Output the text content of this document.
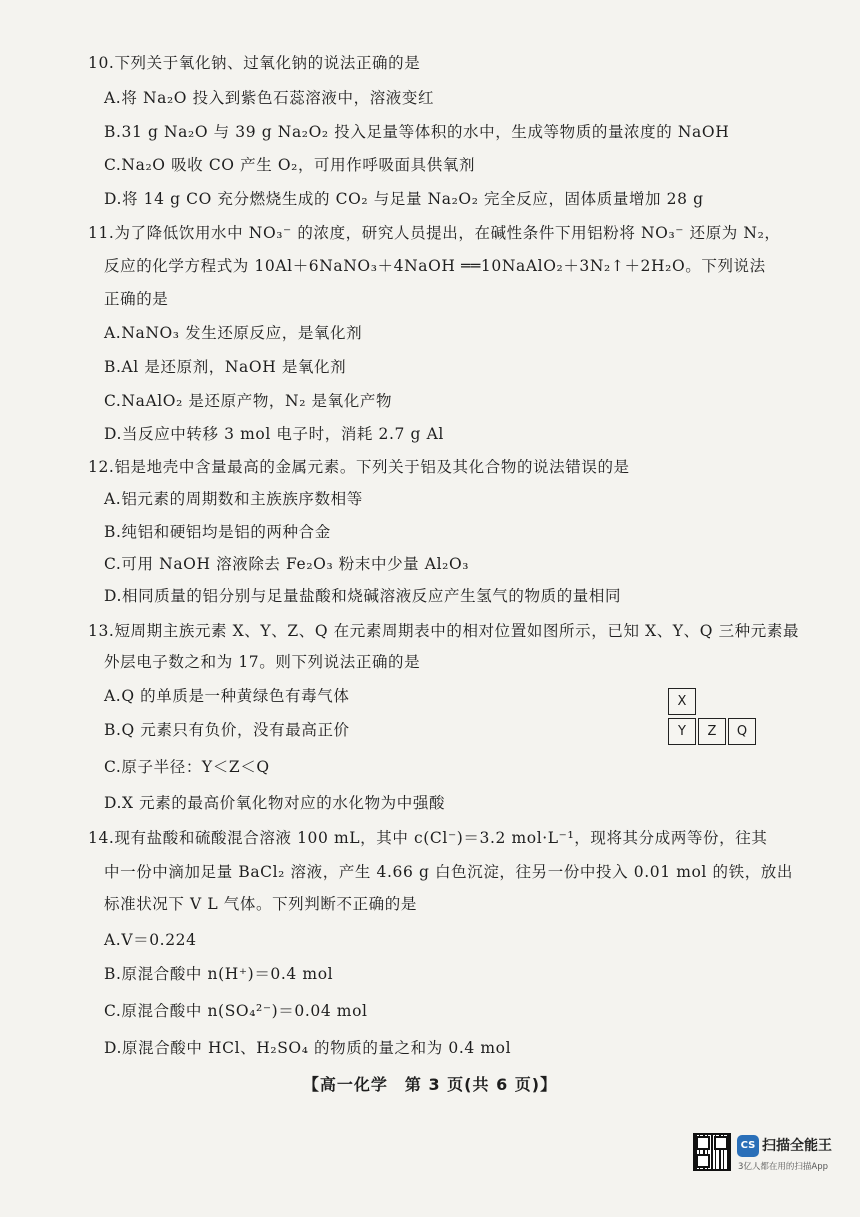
10.下列关于氧化钠、过氧化钠的说法正确的是
A.将 Na₂O 投入到紫色石蕊溶液中，溶液变红
B.31 g Na₂O 与 39 g Na₂O₂ 投入足量等体积的水中，生成等物质的量浓度的 NaOH
C.Na₂O 吸收 CO 产生 O₂，可用作呼吸面具供氧剂
D.将 14 g CO 充分燃烧生成的 CO₂ 与足量 Na₂O₂ 完全反应，固体质量增加 28 g
11.为了降低饮用水中 NO₃⁻ 的浓度，研究人员提出，在碱性条件下用铝粉将 NO₃⁻ 还原为 N₂，
反应的化学方程式为 10Al＋6NaNO₃＋4NaOH ══10NaAlO₂＋3N₂↑＋2H₂O。下列说法
正确的是
A.NaNO₃ 发生还原反应，是氧化剂
B.Al 是还原剂，NaOH 是氧化剂
C.NaAlO₂ 是还原产物，N₂ 是氧化产物
D.当反应中转移 3 mol 电子时，消耗 2.7 g Al
12.铝是地壳中含量最高的金属元素。下列关于铝及其化合物的说法错误的是
A.铝元素的周期数和主族族序数相等
B.纯铝和硬铝均是铝的两种合金
C.可用 NaOH 溶液除去 Fe₂O₃ 粉末中少量 Al₂O₃
D.相同质量的铝分别与足量盐酸和烧碱溶液反应产生氢气的物质的量相同
13.短周期主族元素 X、Y、Z、Q 在元素周期表中的相对位置如图所示，已知 X、Y、Q 三种元素最
外层电子数之和为 17。则下列说法正确的是
A.Q 的单质是一种黄绿色有毒气体
B.Q 元素只有负价，没有最高正价
C.原子半径：Y＜Z＜Q
D.X 元素的最高价氧化物对应的水化物为中强酸
X
Y	Z	Q
14.现有盐酸和硫酸混合溶液 100 mL，其中 c(Cl⁻)＝3.2 mol·L⁻¹，现将其分成两等份，往其
中一份中滴加足量 BaCl₂ 溶液，产生 4.66 g 白色沉淀，往另一份中投入 0.01 mol 的铁，放出
标准状况下 V L 气体。下列判断不正确的是
A.V＝0.224
B.原混合酸中 n(H⁺)＝0.4 mol
C.原混合酸中 n(SO₄²⁻)＝0.04 mol
D.原混合酸中 HCl、H₂SO₄ 的物质的量之和为 0.4 mol
【高一化学　第 3 页(共 6 页)】
CS 扫描全能王
3亿人都在用的扫描App
